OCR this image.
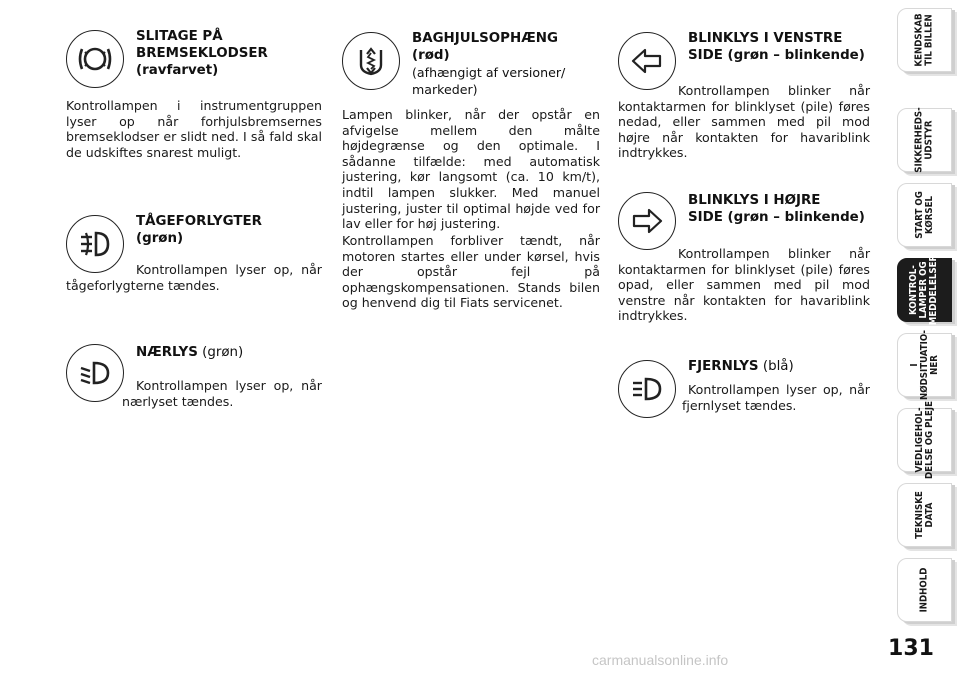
SLITAGE PÅ
BREMSEKLODSER
(ravfarvet)

Kontrollampen i instrumentgruppen lyser op når forhjulsbremsernes bremseklodser er slidt ned. I så fald skal de udskiftes snarest muligt.

TÅGEFORLYGTER
(grøn)

Kontrollampen lyser op, når tågeforlygterne tændes.

NÆRLYS (grøn)

Kontrollampen lyser op, når nærlyset tændes.

BAGHJULSOPHÆNG
(rød)
(afhængigt af versioner/
markeder)

Lampen blinker, når der opstår en afvigelse mellem den målte højdegrænse og den optimale. I sådanne tilfælde: med automatisk justering, kør langsomt (ca. 10 km/t), indtil lampen slukker. Med manuel justering, juster til optimal højde ved for lav eller for høj justering.

Kontrollampen forbliver tændt, når motoren startes eller under kørsel, hvis der opstår fejl på ophængskompensationen. Stands bilen og henvend dig til Fiats servicenet.

BLINKLYS I VENSTRE
SIDE (grøn – blinkende)

Kontrollampen blinker når kontaktarmen for blinklyset (pile) føres nedad, eller sammen med pil mod højre når kontakten for havariblink indtrykkes.

BLINKLYS I HØJRE
SIDE (grøn – blinkende)

Kontrollampen blinker når kontaktarmen for blinklyset (pile) føres opad, eller sammen med pil mod venstre når kontakten for havariblink indtrykkes.

FJERNLYS (blå)

Kontrollampen lyser op, når fjernlyset tændes.

KENDSKAB
TIL BILLEN
SIKKERHEDS-
UDSTYR
START OG
KØRSEL
KONTROL-
LAMPER OG
MEDDELELSER
I
NØDSITUATIO-
NER
VEDLIGEHOL-
DELSE OG PLEJE
TEKNISKE
DATA
INDHOLD
131
carmanualsonline.info
